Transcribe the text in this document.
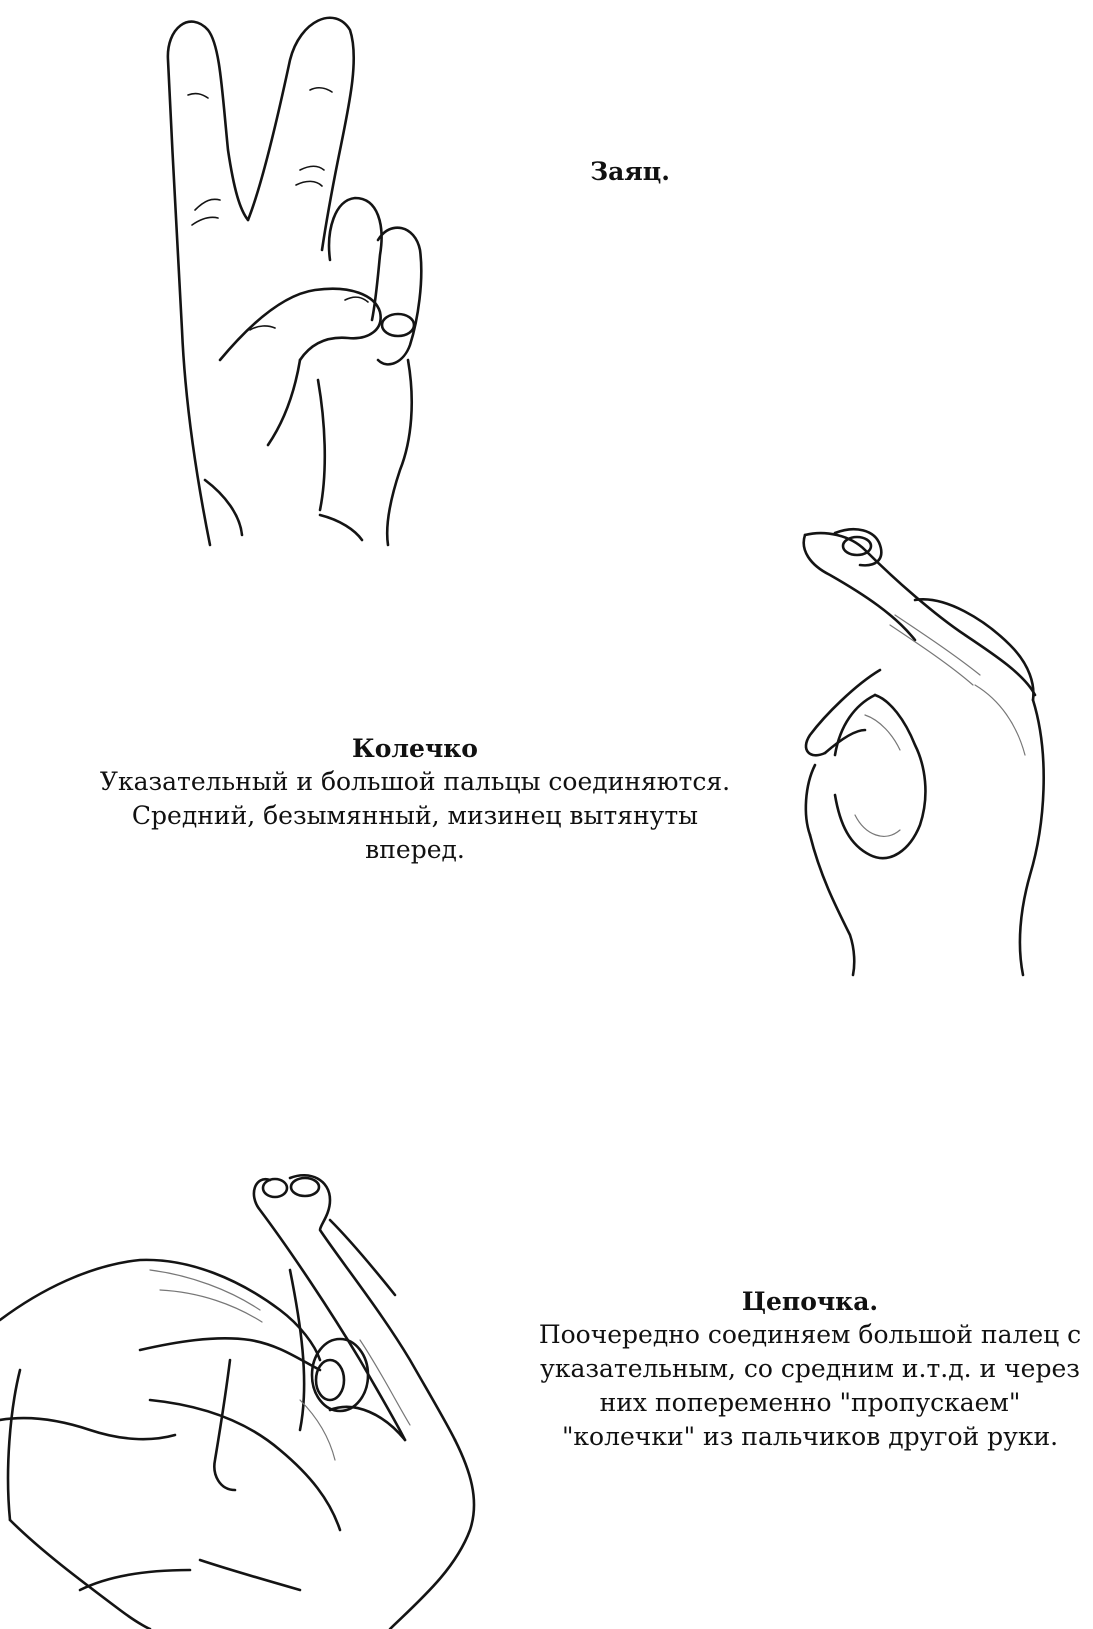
Заяц.
Колечко
Указательный и большой пальцы соединяются.
Средний, безымянный, мизинец вытянуты
вперед.
Цепочка.
Поочередно соединяем большой палец с
указательным, со средним и.т.д. и через
них попеременно "пропускаем"
"колечки" из пальчиков другой руки.
